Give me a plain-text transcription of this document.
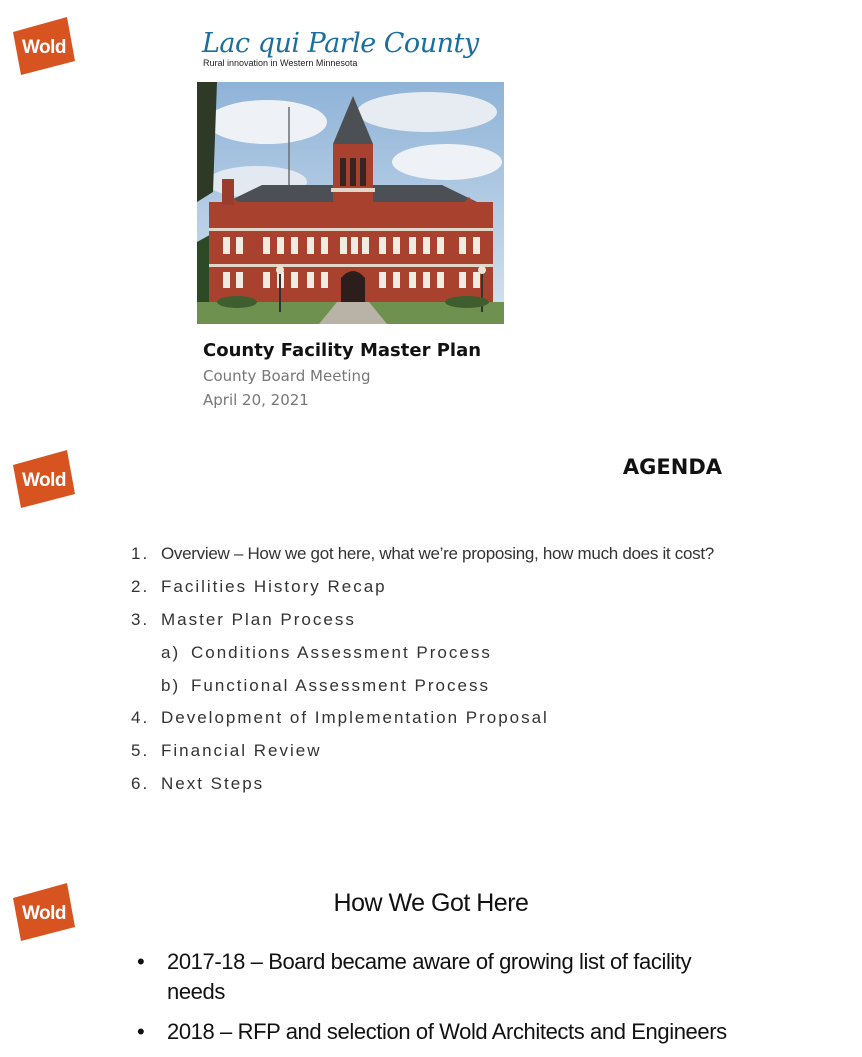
Wold	Lac qui Parle County
Rural innovation in Western Minnesota
County Facility Master Plan
County Board Meeting
April 20, 2021
Wold
AGENDA
1. Overview – How we got here, what we’re proposing, how much does it cost?
2. Facilities History Recap
3. Master Plan Process
a) Conditions Assessment Process
b) Functional Assessment Process
4. Development of Implementation Proposal
5. Financial Review
6. Next Steps
Wold	How We Got Here
• 2017-18 – Board became aware of growing list of facility needs
• 2018 – RFP and selection of Wold Architects and Engineers
